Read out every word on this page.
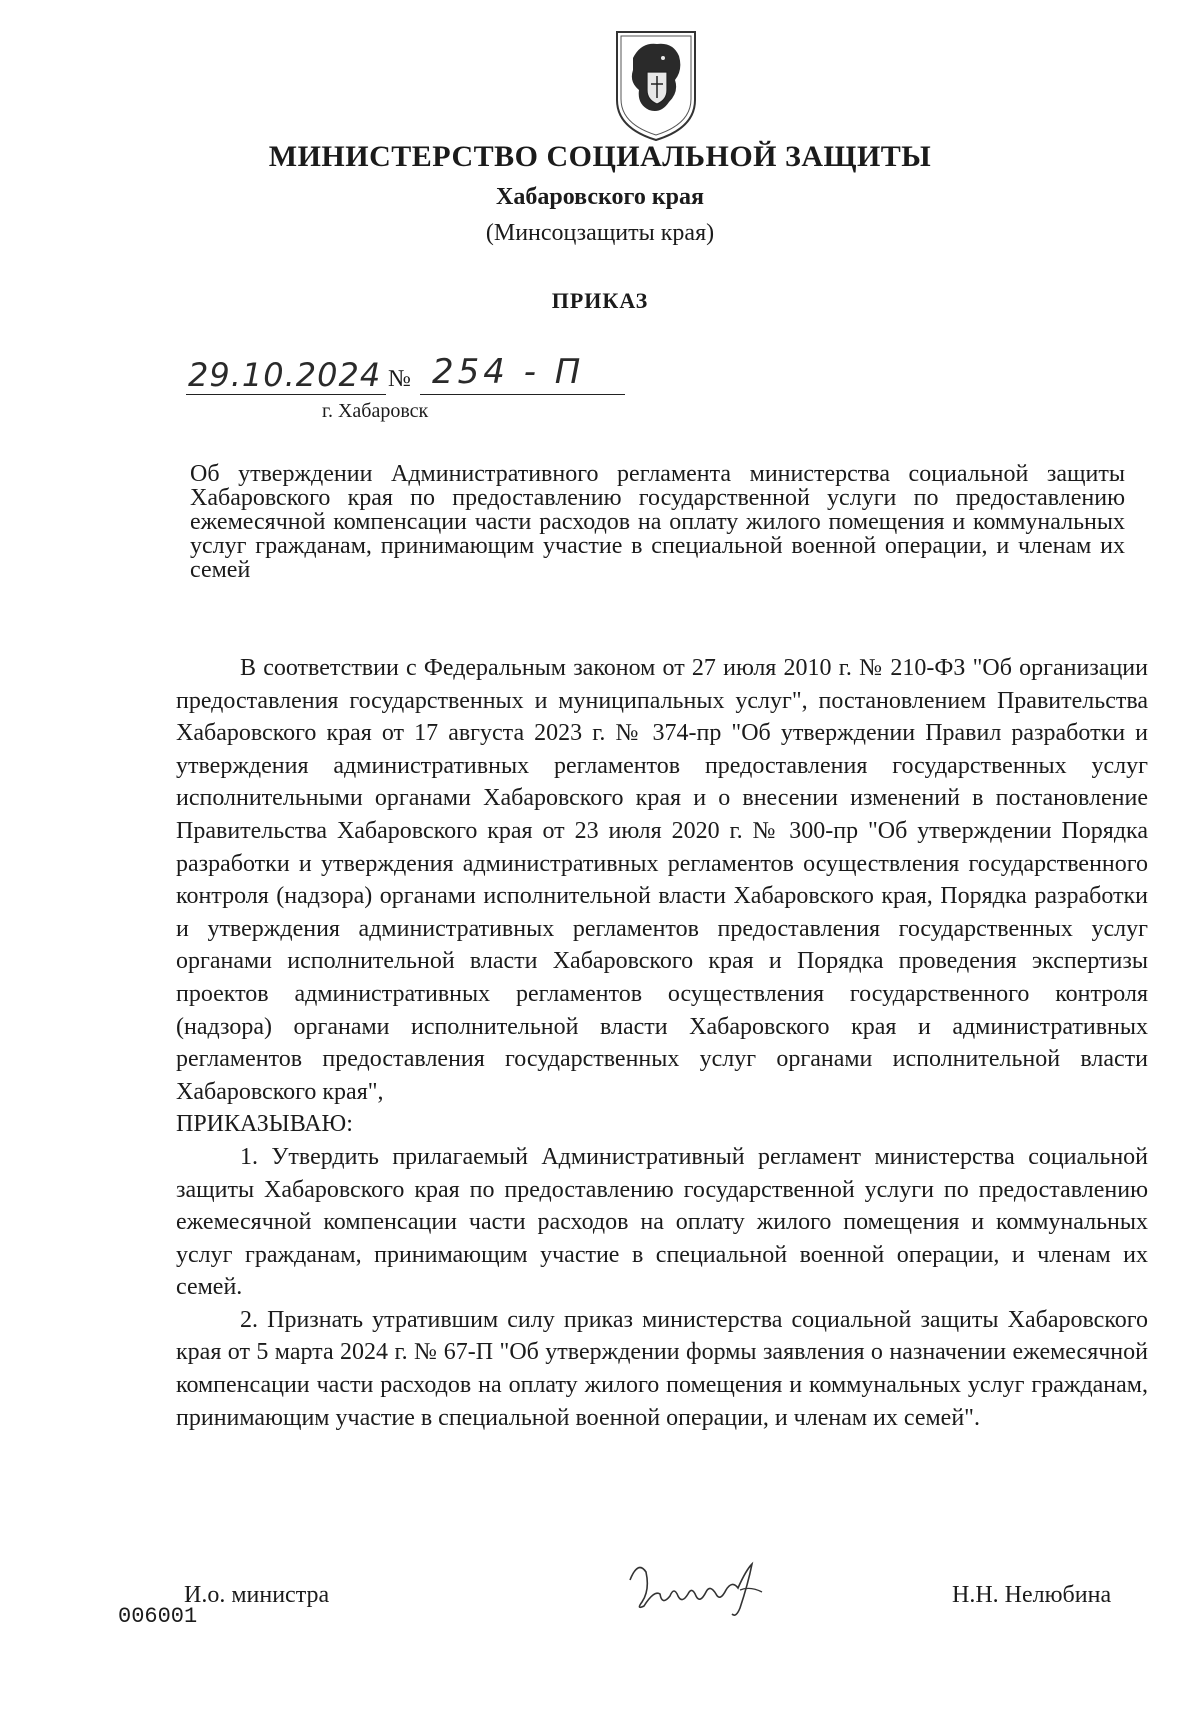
МИНИСТЕРСТВО СОЦИАЛЬНОЙ ЗАЩИТЫ
Хабаровского края
(Минсоцзащиты края)
ПРИКАЗ
29.10.2024 № 254 - П
г. Хабаровск
Об утверждении Административного регламента министерства социальной защиты Хабаровского края по предоставлению государственной услуги по предоставлению ежемесячной компенсации части расходов на оплату жилого помещения и коммунальных услуг гражданам, принимающим участие в специальной военной операции, и членам их семей

В соответствии с Федеральным законом от 27 июля 2010 г. № 210-ФЗ "Об организации предоставления государственных и муниципальных услуг", постановлением Правительства Хабаровского края от 17 августа 2023 г. № 374-пр "Об утверждении Правил разработки и утверждения административных регламентов предоставления государственных услуг исполнительными органами Хабаровского края и о внесении изменений в постановление Правительства Хабаровского края от 23 июля 2020 г. № 300-пр "Об утверждении Порядка разработки и утверждения административных регламентов осуществления государственного контроля (надзора) органами исполнительной власти Хабаровского края, Порядка разработки и утверждения административных регламентов предоставления государственных услуг органами исполнительной власти Хабаровского края и Порядка проведения экспертизы проектов административных регламентов осуществления государственного контроля (надзора) органами исполнительной власти Хабаровского края и административных регламентов предоставления государственных услуг органами исполнительной власти Хабаровского края",

ПРИКАЗЫВАЮ:

1. Утвердить прилагаемый Административный регламент министерства социальной защиты Хабаровского края по предоставлению государственной услуги по предоставлению ежемесячной компенсации части расходов на оплату жилого помещения и коммунальных услуг гражданам, принимающим участие в специальной военной операции, и членам их семей.

2. Признать утратившим силу приказ министерства социальной защиты Хабаровского края от 5 марта 2024 г. № 67-П "Об утверждении формы заявления о назначении ежемесячной компенсации части расходов на оплату жилого помещения и коммунальных услуг гражданам, принимающим участие в специальной военной операции, и членам их семей".

И.о. министра
006001
Н.Н. Нелюбина
